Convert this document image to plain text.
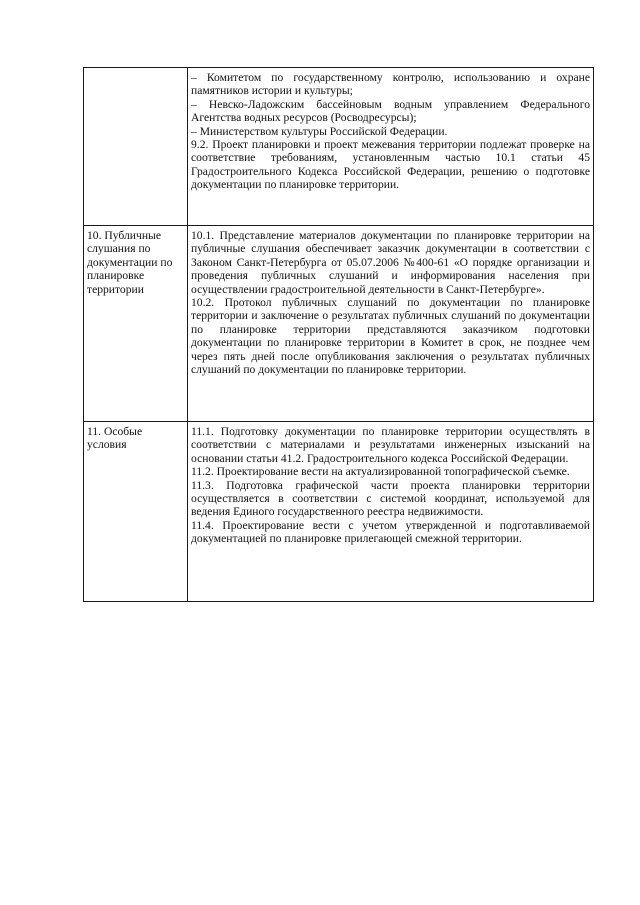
	– Комитетом по государственному контролю, использованию и охране памятников истории и культуры;

– Невско-Ладожским бассейновым водным управлением Федерального Агентства водных ресурсов (Росводресурсы);

– Министерством культуры Российской Федерации.

9.2. Проект планировки и проект межевания территории подлежат проверке на соответствие требованиям, установленным частью 10.1 статьи 45 Градостроительного Кодекса Российской Федерации, решению о подготовке документации по планировке территории.

10. Публичные слушания по документации по планировке территории	10.1. Представление материалов документации по планировке территории на публичные слушания обеспечивает заказчик документации в соответствии с Законом Санкт-Петербурга от 05.07.2006 №400-61 «О порядке организации и проведения публичных слушаний и информирования населения при осуществлении градостроительной деятельности в Санкт-Петербурге».

10.2. Протокол публичных слушаний по документации по планировке территории и заключение о результатах публичных слушаний по документации по планировке территории представляются заказчиком подготовки документации по планировке территории в Комитет в срок, не позднее чем через пять дней после опубликования заключения о результатах публичных слушаний по документации по планировке территории.

11. Особые условия	11.1. Подготовку документации по планировке территории осуществлять в соответствии с материалами и результатами инженерных изысканий на основании статьи 41.2. Градостроительного кодекса Российской Федерации.

11.2. Проектирование вести на актуализированной топографической съемке.

11.3. Подготовка графической части проекта планировки территории осуществляется в соответствии с системой координат, используемой для ведения Единого государственного реестра недвижимости.

11.4. Проектирование вести с учетом утвержденной и подготавливаемой документацией по планировке прилегающей смежной территории.
